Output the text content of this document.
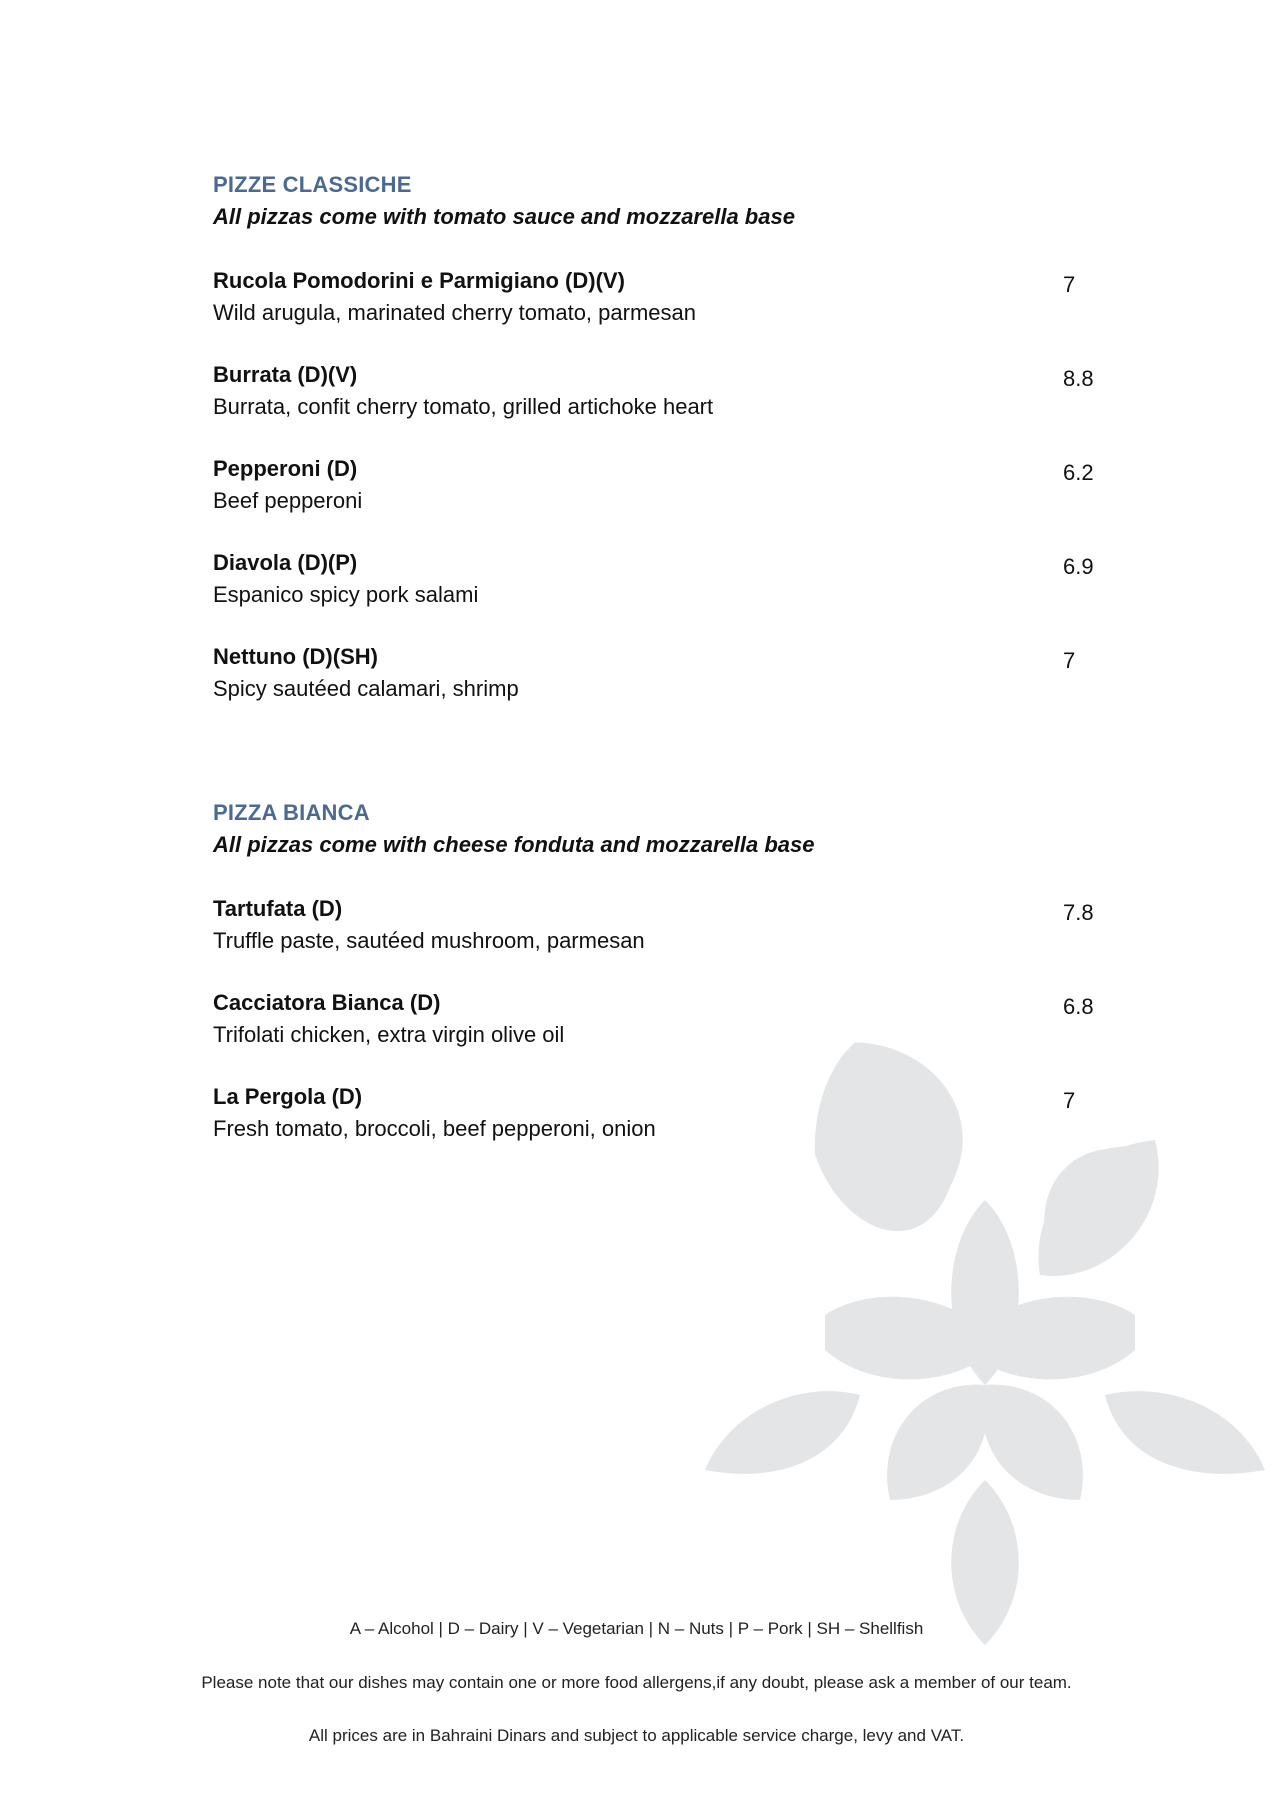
PIZZE CLASSICHE

All pizzas come with tomato sauce and mozzarella base

Rucola Pomodorini e Parmigiano (D)(V)

Wild arugula, marinated cherry tomato, parmesan

7

Burrata (D)(V)

Burrata, confit cherry tomato, grilled artichoke heart

8.8

Pepperoni (D)

Beef pepperoni

6.2

Diavola (D)(P)

Espanico spicy pork salami

6.9

Nettuno (D)(SH)

Spicy sautéed calamari, shrimp

7
PIZZA BIANCA

All pizzas come with cheese fonduta and mozzarella base

Tartufata (D)

Truffle paste, sautéed mushroom, parmesan

7.8

Cacciatora Bianca (D)

Trifolati chicken, extra virgin olive oil

6.8

La Pergola (D)

Fresh tomato, broccoli, beef pepperoni, onion

7
A – Alcohol | D – Dairy | V – Vegetarian | N – Nuts | P – Pork | SH – Shellfish
Please note that our dishes may contain one or more food allergens,if any doubt, please ask a member of our team.
All prices are in Bahraini Dinars and subject to applicable service charge, levy and VAT.
